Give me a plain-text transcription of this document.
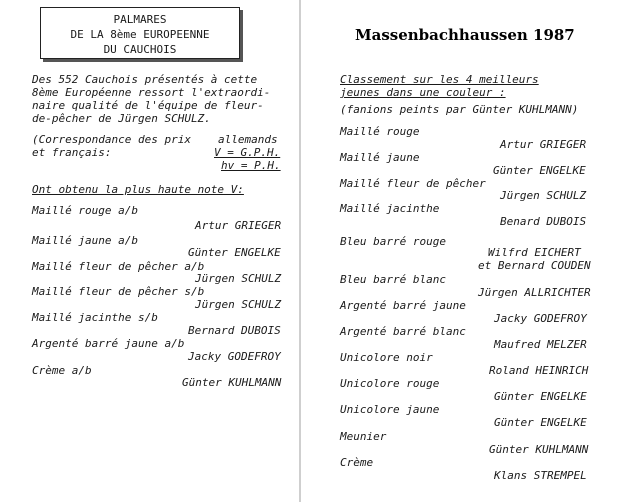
PALMARES
DE LA 8ème EUROPEENNE
DU CAUCHOIS
Des 552 Cauchois présentés à cette
8ème Européenne ressort l'extraordi-
naire qualité de l'équipe de fleur-
de-pêcher de Jürgen SCHULZ.
(Correspondance des prix allemands
et français:	V = G.P.H.
hv = P.H.
Ont obtenu la plus haute note V:
Maillé rouge a/b
Artur GRIEGER
Maillé jaune a/b
Günter ENGELKE
Maillé fleur de pêcher a/b
Jürgen SCHULZ
Maillé fleur de pêcher s/b
Jürgen SCHULZ
Maillé jacinthe s/b
Bernard DUBOIS
Argenté barré jaune a/b
Jacky GODEFROY
Crème a/b
Günter KUHLMANN
Massenbachhaussen 1987
Classement sur les 4 meilleurs
jeunes dans une couleur :
(fanions peints par Günter KUHLMANN)
Maillé rouge
Artur GRIEGER
Maillé jaune
Günter ENGELKE
Maillé fleur de pêcher
Jürgen SCHULZ
Maillé jacinthe
Benard DUBOIS
Bleu barré rouge
Wilfrd EICHERT
et Bernard COUDEN
Bleu barré blanc
Jürgen ALLRICHTER
Argenté barré jaune
Jacky GODEFROY
Argenté barré blanc
Maufred MELZER
Unicolore noir
Roland HEINRICH
Unicolore rouge
Günter ENGELKE
Unicolore jaune
Günter ENGELKE
Meunier
Günter KUHLMANN
Crème
Klans STREMPEL
